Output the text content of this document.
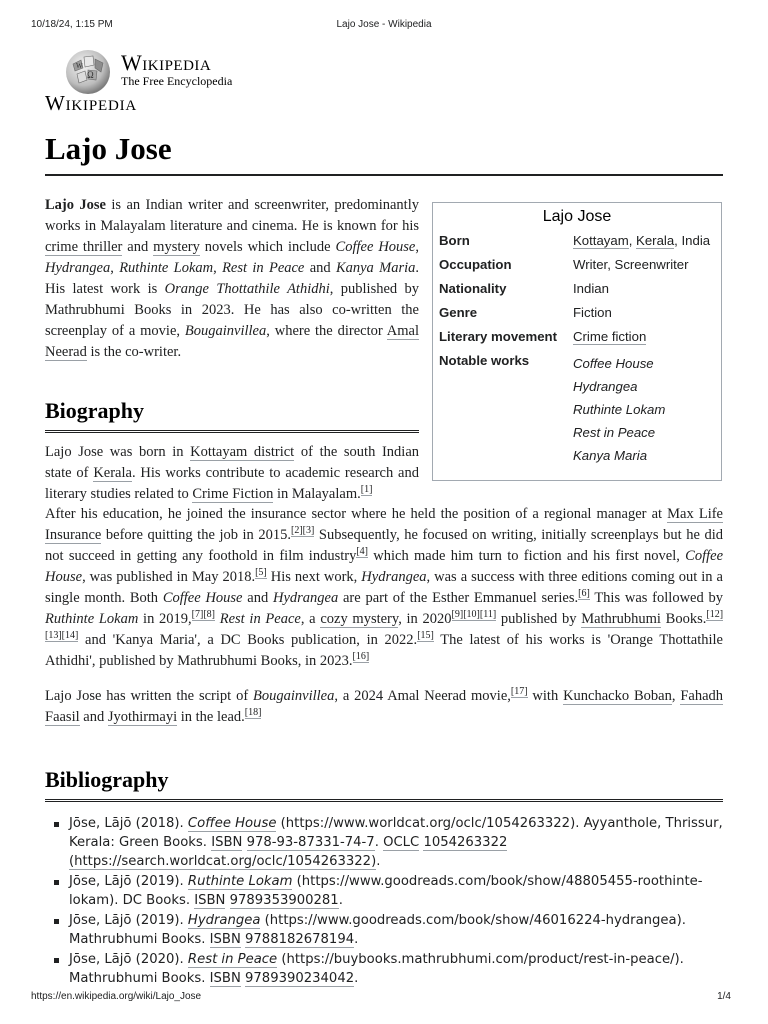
10/18/24, 1:15 PM	Lajo Jose - Wikipedia
Ω
W Wikipedia
The Free Encyclopedia
Wikipedia
Lajo Jose
Lajo Jose
Born	Kottayam, Kerala, India
Occupation	Writer, Screenwriter
Nationality	Indian
Genre	Fiction
Literary movement	Crime fiction
Notable works	Coffee House
Hydrangea
Ruthinte Lokam
Rest in Peace
Kanya Maria

Lajo Jose is an Indian writer and screenwriter, predominantly works in Malayalam literature and cinema. He is known for his crime thriller and mystery novels which include Coffee House, Hydrangea, Ruthinte Lokam, Rest in Peace and Kanya Maria. His latest work is Orange Thottathile Athidhi, published by Mathrubhumi Books in 2023. He has also co-written the screenplay of a movie, Bougainvillea, where the director Amal Neerad is the co-writer.

Biography

Lajo Jose was born in Kottayam district of the south Indian state of Kerala. His works contribute to academic research and literary studies related to Crime Fiction in Malayalam.[1]

After his education, he joined the insurance sector where he held the position of a regional manager at Max Life Insurance before quitting the job in 2015.[2][3] Subsequently, he focused on writing, initially screenplays but he did not succeed in getting any foothold in film industry[4] which made him turn to fiction and his first novel, Coffee House, was published in May 2018.[5] His next work, Hydrangea, was a success with three editions coming out in a single month. Both Coffee House and Hydrangea are part of the Esther Emmanuel series.[6] This was followed by Ruthinte Lokam in 2019,[7][8] Rest in Peace, a cozy mystery, in 2020[9][10][11] published by Mathrubhumi Books.[12][13][14] and 'Kanya Maria', a DC Books publication, in 2022.[15] The latest of his works is 'Orange Thottathile Athidhi', published by Mathrubhumi Books, in 2023.[16]

Lajo Jose has written the script of Bougainvillea, a 2024 Amal Neerad movie,[17] with Kunchacko Boban, Fahadh Faasil and Jyothirmayi in the lead.[18]

Bibliography
Jōse, Lājō (2018). Coffee House (https://www.worldcat.org/oclc/1054263322). Ayyanthole, Thrissur, Kerala: Green Books. ISBN 978-93-87331-74-7. OCLC 1054263322 (https://search.worldcat.org/oclc/1054263322).
Jōse, Lājō (2019). Ruthinte Lokam (https://www.goodreads.com/book/show/48805455-roothinte-lokam). DC Books. ISBN 9789353900281.
Jōse, Lājō (2019). Hydrangea (https://www.goodreads.com/book/show/46016224-hydrangea). Mathrubhumi Books. ISBN 9788182678194.
Jōse, Lājō (2020). Rest in Peace (https://buybooks.mathrubhumi.com/product/rest-in-peace/). Mathrubhumi Books. ISBN 9789390234042.
https://en.wikipedia.org/wiki/Lajo_Jose	1/4
